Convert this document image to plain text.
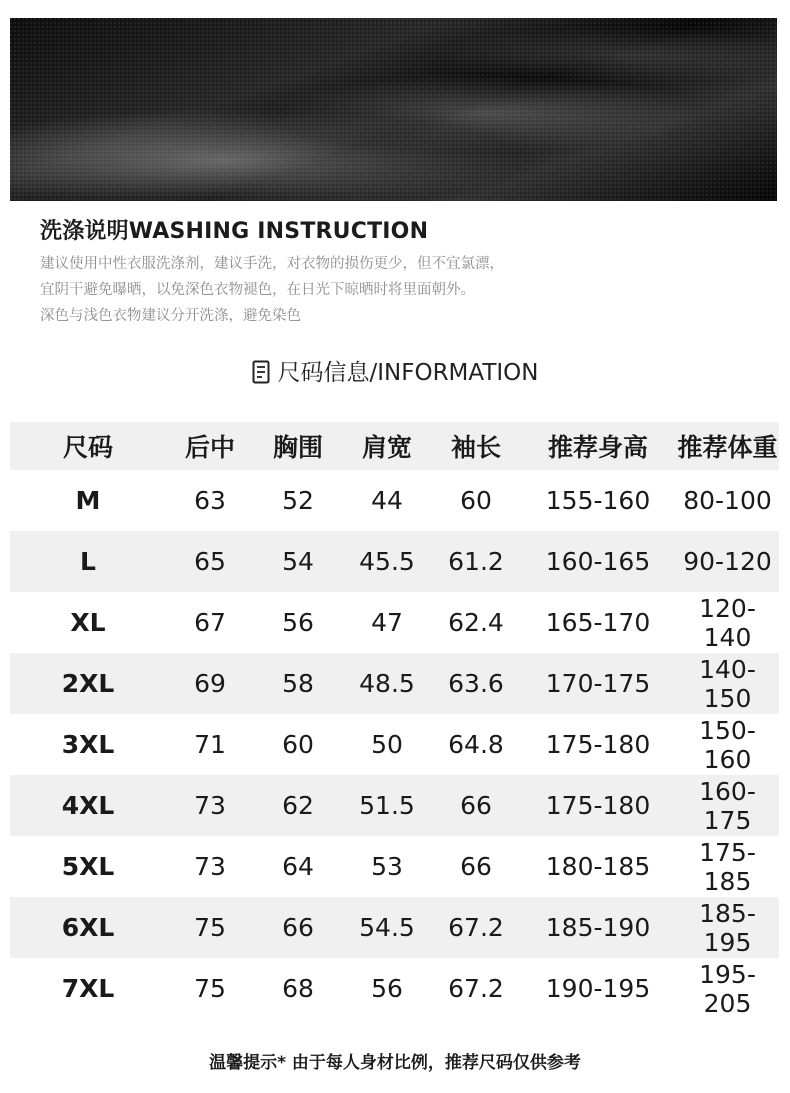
洗涤说明WASHING INSTRUCTION

建议使用中性衣服洗涤剂，建议手洗，对衣物的损伤更少，但不宜氯漂，

宜阴干避免曝晒，以免深色衣物褪色，在日光下晾晒时将里面朝外。

深色与浅色衣物建议分开洗涤，避免染色

尺码信息/INFORMATION
尺码	后中	胸围	肩宽	袖长	推荐身高	推荐体重
M	63	52	44	60	155-160	80-100
L	65	54	45.5	61.2	160-165	90-120
XL	67	56	47	62.4	165-170	120-140
2XL	69	58	48.5	63.6	170-175	140-150
3XL	71	60	50	64.8	175-180	150-160
4XL	73	62	51.5	66	175-180	160-175
5XL	73	64	53	66	180-185	175-185
6XL	75	66	54.5	67.2	185-190	185-195
7XL	75	68	56	67.2	190-195	195-205
温馨提示* 由于每人身材比例，推荐尺码仅供参考
